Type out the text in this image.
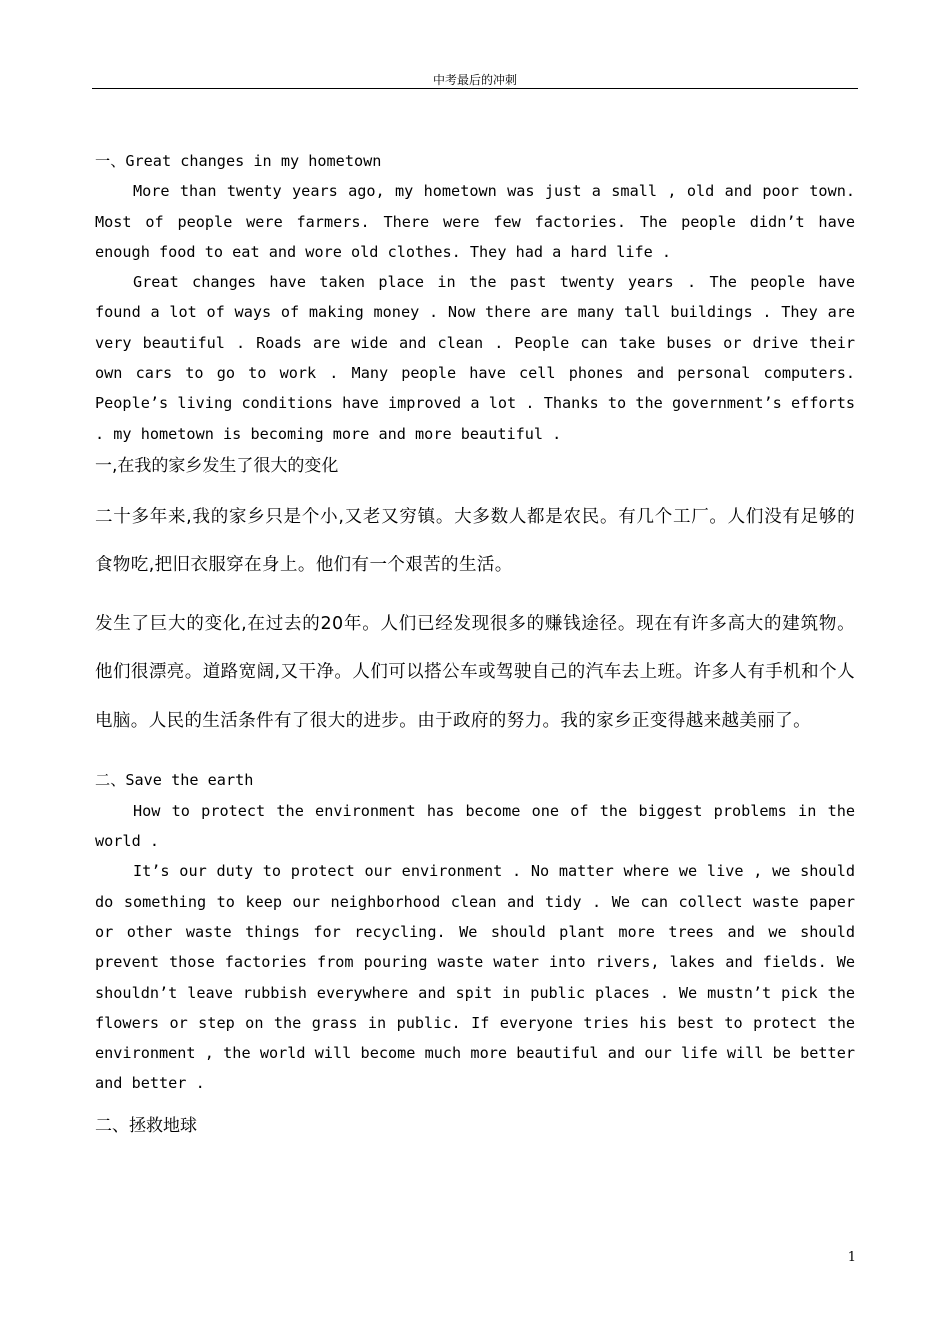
中考最后的冲刺

一、Great changes in my hometown

More than twenty years ago, my hometown was just a small , old and poor town. Most of people were farmers. There were few factories. The people didn’t have enough food to eat and wore old clothes. They had a hard life .

Great changes have taken place in the past twenty years . The people have found a lot of ways of making money . Now there are many tall buildings . They are very beautiful . Roads are wide and clean . People can take buses or drive their own cars to go to work . Many people have cell phones and personal computers. People’s living conditions have improved a lot . Thanks to the government’s efforts . my hometown is becoming more and more beautiful .

一,在我的家乡发生了很大的变化

二十多年来,我的家乡只是个小,又老又穷镇。大多数人都是农民。有几个工厂。人们没有足够的食物吃,把旧衣服穿在身上。他们有一个艰苦的生活。

发生了巨大的变化,在过去的20年。人们已经发现很多的赚钱途径。现在有许多高大的建筑物。他们很漂亮。道路宽阔,又干净。人们可以搭公车或驾驶自己的汽车去上班。许多人有手机和个人电脑。人民的生活条件有了很大的进步。由于政府的努力。我的家乡正变得越来越美丽了。

二、Save the earth

How to protect the environment has become one of the biggest problems in the world .

It’s our duty to protect our environment . No matter where we live , we should do something to keep our neighborhood clean and tidy . We can collect waste paper or other waste things for recycling. We should plant more trees and we should prevent those factories from pouring waste water into rivers, lakes and fields. We shouldn’t leave rubbish everywhere and spit in public places . We mustn’t pick the flowers or step on the grass in public. If everyone tries his best to protect the environment , the world will become much more beautiful and our life will be better and better .

二、拯救地球

1
